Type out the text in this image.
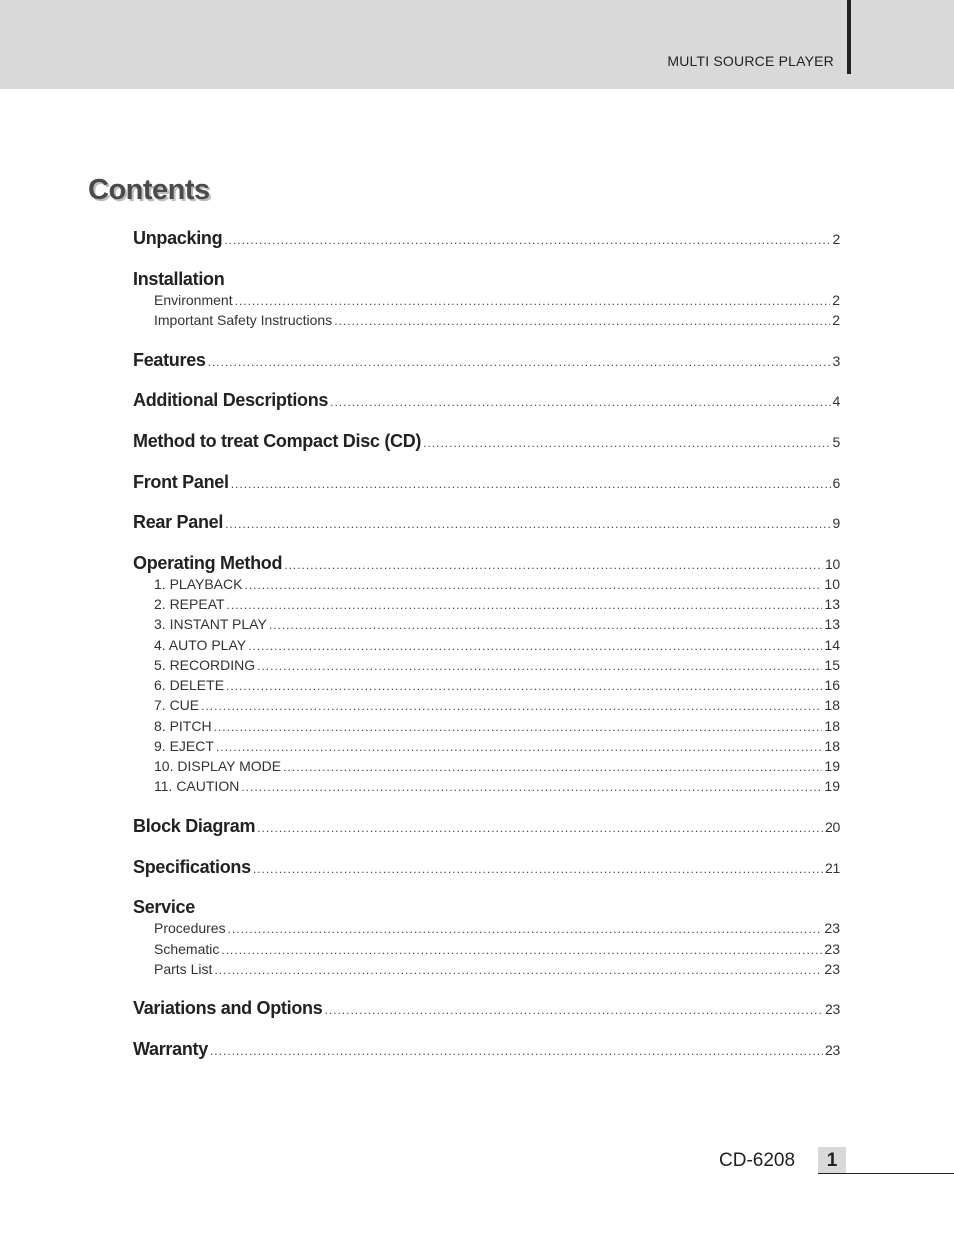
MULTI SOURCE PLAYER
Contents
Unpacking .....	2
Installation
Environment .....	2
Important Safety Instructions .....	2
Features .....	3
Additional Descriptions .....	4
Method to treat Compact Disc (CD) .....	5
Front Panel .....	6
Rear Panel .....	9
Operating Method .....	10
1. PLAYBACK .....	10
2. REPEAT .....	13
3. INSTANT PLAY .....	13
4. AUTO PLAY .....	14
5. RECORDING .....	15
6. DELETE .....	16
7. CUE .....	18
8. PITCH .....	18
9. EJECT .....	18
10. DISPLAY MODE .....	19
11. CAUTION .....	19
Block Diagram .....	20
Specifications .....	21
Service
Procedures .....	23
Schematic .....	23
Parts List .....	23
Variations and Options .....	23
Warranty .....	23
CD-6208	1
